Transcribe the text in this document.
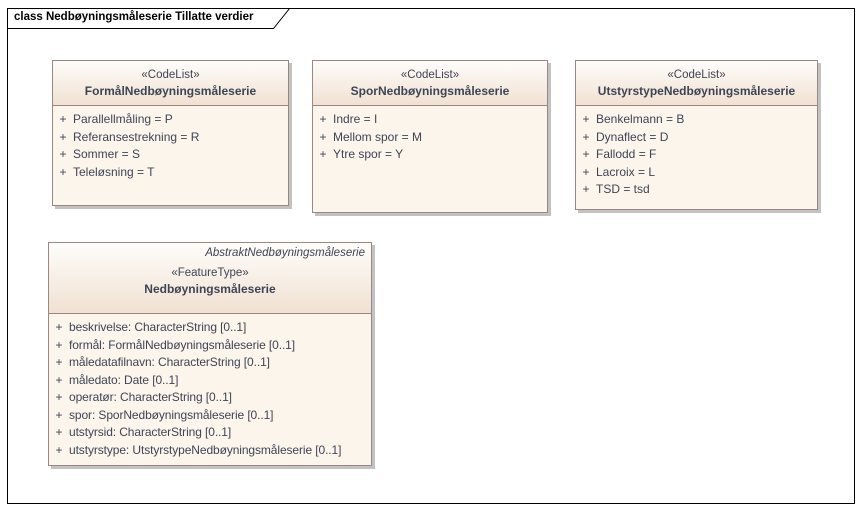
class Nedbøyningsmåleserie Tillatte verdier
«CodeList»
FormålNedbøyningsmåleserie
+ Parallellmåling = P
+ Referansestrekning = R
+ Sommer = S
+ Teleløsning = T
«CodeList»
SporNedbøyningsmåleserie
+ Indre = I
+ Mellom spor = M
+ Ytre spor = Y
«CodeList»
UtstyrstypeNedbøyningsmåleserie
+ Benkelmann = B
+ Dynaflect = D
+ Fallodd = F
+ Lacroix = L
+ TSD = tsd
AbstraktNedbøyningsmåleserie
«FeatureType»
Nedbøyningsmåleserie
+ beskrivelse: CharacterString [0..1]
+ formål: FormålNedbøyningsmåleserie [0..1]
+ måledatafilnavn: CharacterString [0..1]
+ måledato: Date [0..1]
+ operatør: CharacterString [0..1]
+ spor: SporNedbøyningsmåleserie [0..1]
+ utstyrsid: CharacterString [0..1]
+ utstyrstype: UtstyrstypeNedbøyningsmåleserie [0..1]
